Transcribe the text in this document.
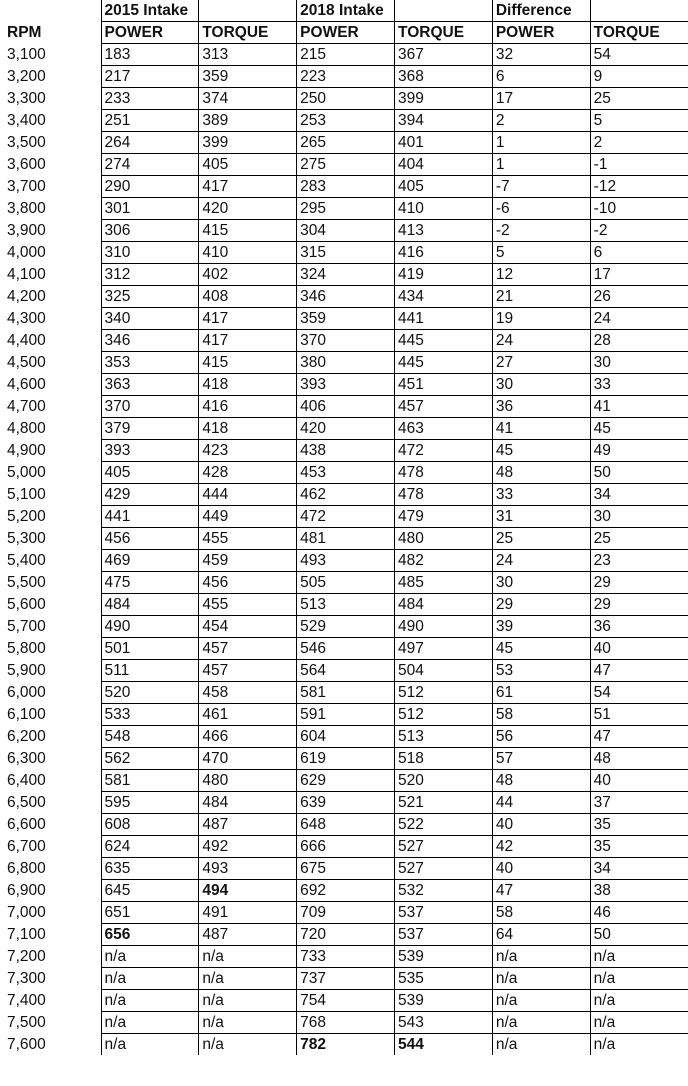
	2015 Intake		2018 Intake		Difference	
RPM	POWER	TORQUE	POWER	TORQUE	POWER	TORQUE
3,100	183	313	215	367	32	54
3,200	217	359	223	368	6	9
3,300	233	374	250	399	17	25
3,400	251	389	253	394	2	5
3,500	264	399	265	401	1	2
3,600	274	405	275	404	1	-1
3,700	290	417	283	405	-7	-12
3,800	301	420	295	410	-6	-10
3,900	306	415	304	413	-2	-2
4,000	310	410	315	416	5	6
4,100	312	402	324	419	12	17
4,200	325	408	346	434	21	26
4,300	340	417	359	441	19	24
4,400	346	417	370	445	24	28
4,500	353	415	380	445	27	30
4,600	363	418	393	451	30	33
4,700	370	416	406	457	36	41
4,800	379	418	420	463	41	45
4,900	393	423	438	472	45	49
5,000	405	428	453	478	48	50
5,100	429	444	462	478	33	34
5,200	441	449	472	479	31	30
5,300	456	455	481	480	25	25
5,400	469	459	493	482	24	23
5,500	475	456	505	485	30	29
5,600	484	455	513	484	29	29
5,700	490	454	529	490	39	36
5,800	501	457	546	497	45	40
5,900	511	457	564	504	53	47
6,000	520	458	581	512	61	54
6,100	533	461	591	512	58	51
6,200	548	466	604	513	56	47
6,300	562	470	619	518	57	48
6,400	581	480	629	520	48	40
6,500	595	484	639	521	44	37
6,600	608	487	648	522	40	35
6,700	624	492	666	527	42	35
6,800	635	493	675	527	40	34
6,900	645	494	692	532	47	38
7,000	651	491	709	537	58	46
7,100	656	487	720	537	64	50
7,200	n/a	n/a	733	539	n/a	n/a
7,300	n/a	n/a	737	535	n/a	n/a
7,400	n/a	n/a	754	539	n/a	n/a
7,500	n/a	n/a	768	543	n/a	n/a
7,600	n/a	n/a	782	544	n/a	n/a
